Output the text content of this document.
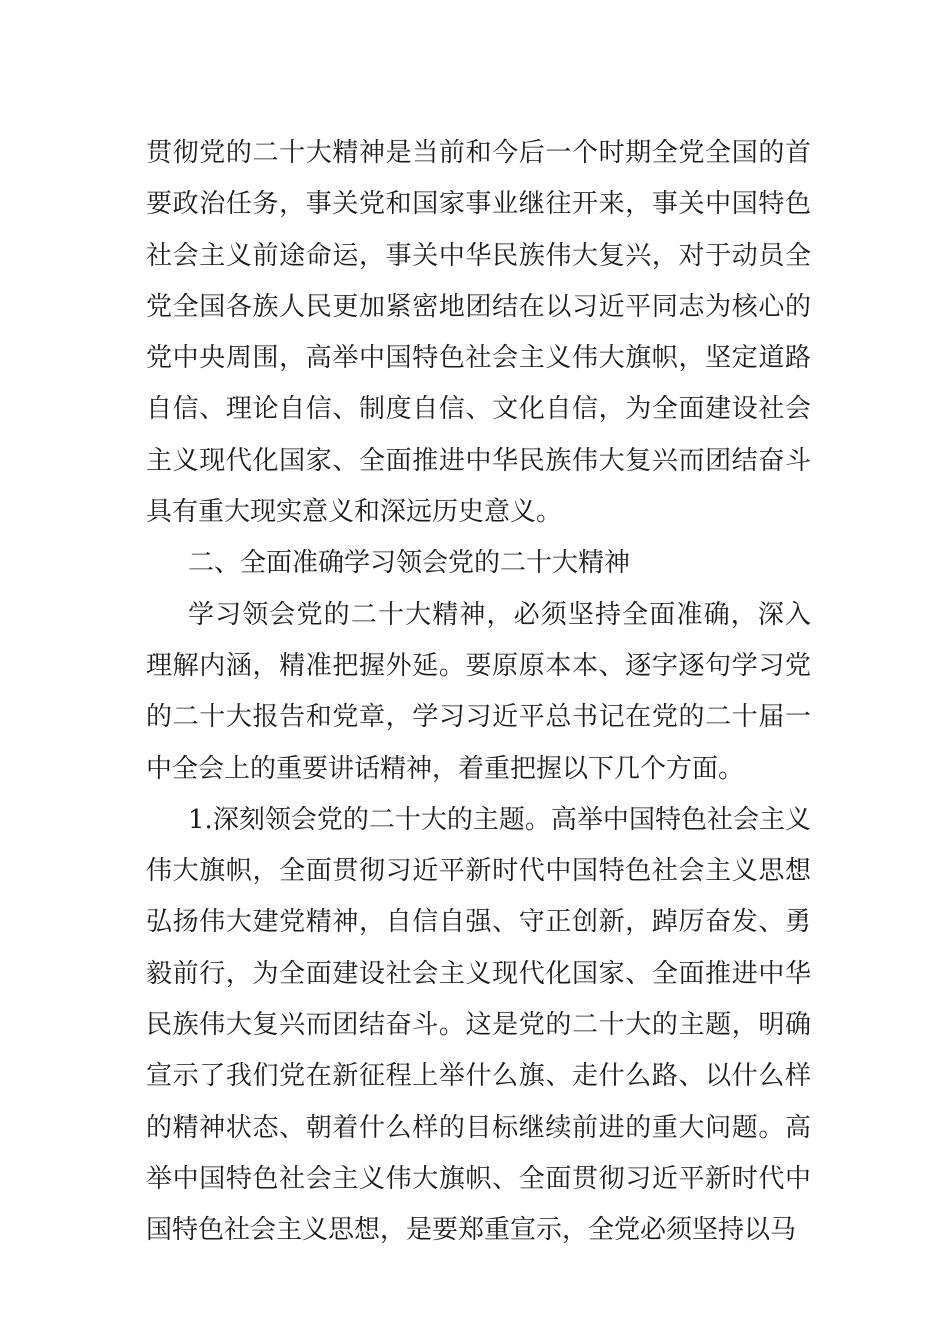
贯彻党的二十大精神是当前和今后一个时期全党全国的首要政治任务，事关党和国家事业继往开来，事关中国特色社会主义前途命运，事关中华民族伟大复兴，对于动员全党全国各族人民更加紧密地团结在以习近平同志为核心的党中央周围，高举中国特色社会主义伟大旗帜，坚定道路自信、理论自信、制度自信、文化自信，为全面建设社会主义现代化国家、全面推进中华民族伟大复兴而团结奋斗具有重大现实意义和深远历史意义。

二、全面准确学习领会党的二十大精神

学习领会党的二十大精神，必须坚持全面准确，深入理解内涵，精准把握外延。要原原本本、逐字逐句学习党的二十大报告和党章，学习习近平总书记在党的二十届一中全会上的重要讲话精神，着重把握以下几个方面。

1.深刻领会党的二十大的主题。高举中国特色社会主义伟大旗帜，全面贯彻习近平新时代中国特色社会主义思想弘扬伟大建党精神，自信自强、守正创新，踔厉奋发、勇毅前行，为全面建设社会主义现代化国家、全面推进中华民族伟大复兴而团结奋斗。这是党的二十大的主题，明确宣示了我们党在新征程上举什么旗、走什么路、以什么样的精神状态、朝着什么样的目标继续前进的重大问题。高举中国特色社会主义伟大旗帜、全面贯彻习近平新时代中国特色社会主义思想，是要郑重宣示，全党必须坚持以马
